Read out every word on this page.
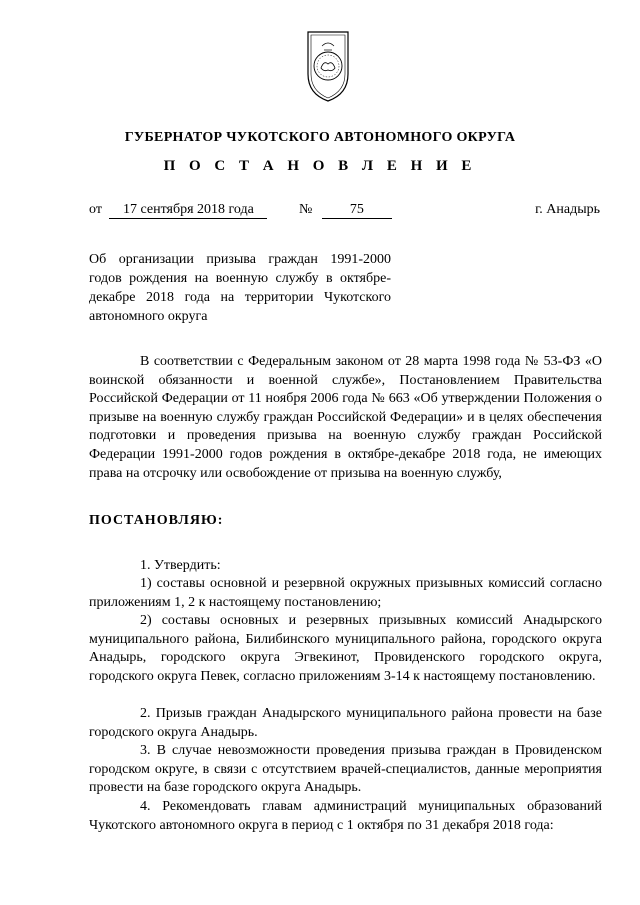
ГУБЕРНАТОР ЧУКОТСКОГО АВТОНОМНОГО ОКРУГА
П О С Т А Н О В Л Е Н И Е
от 17 сентября 2018 года	№	75	г. Анадырь
Об организации призыва граждан 1991-2000 годов рождения на военную службу в октябре-декабре 2018 года на территории Чукотского автономного округа
В соответствии с Федеральным законом от 28 марта 1998 года № 53-ФЗ «О воинской обязанности и военной службе», Постановлением Правительства Российской Федерации от 11 ноября 2006 года № 663 «Об утверждении Положения о призыве на военную службу граждан Российской Федерации» и в целях обеспечения подготовки и проведения призыва на военную службу граждан Российской Федерации 1991-2000 годов рождения в октябре-декабре 2018 года, не имеющих права на отсрочку или освобождение от призыва на военную службу,
ПОСТАНОВЛЯЮ:
1. Утвердить:
1) составы основной и резервной окружных призывных комиссий согласно приложениям 1, 2 к настоящему постановлению;
2) составы основных и резервных призывных комиссий Анадырского муниципального района, Билибинского муниципального района, городского округа Анадырь, городского округа Эгвекинот, Провиденского городского округа, городского округа Певек, согласно приложениям 3-14 к настоящему постановлению.
2. Призыв граждан Анадырского муниципального района провести на базе городского округа Анадырь.
3. В случае невозможности проведения призыва граждан в Провиденском городском округе, в связи с отсутствием врачей-специалистов, данные мероприятия провести на базе городского округа Анадырь.
4. Рекомендовать главам администраций муниципальных образований Чукотского автономного округа в период с 1 октября по 31 декабря 2018 года:
